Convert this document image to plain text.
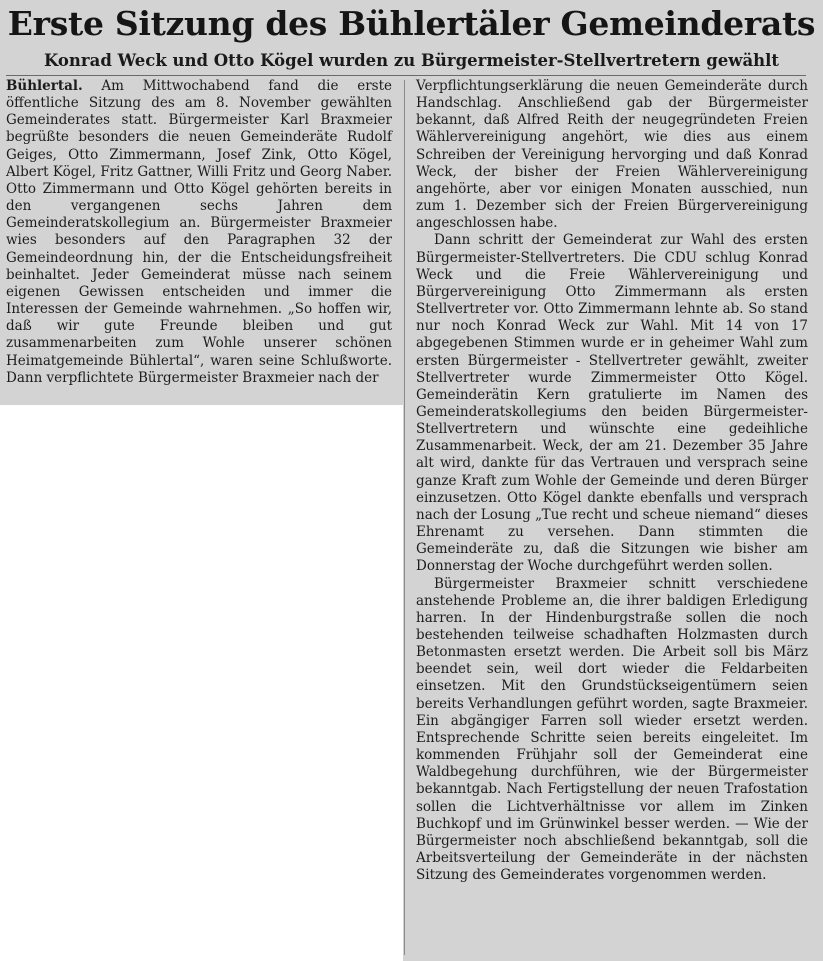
Erste Sitzung des Bühlertäler Gemeinderats
Konrad Weck und Otto Kögel wurden zu Bürgermeister-Stellvertretern gewählt

Bühlertal. Am Mittwochabend fand die erste öffentliche Sitzung des am 8. November gewählten Gemeinderates statt. Bürgermeister Karl Braxmeier begrüßte besonders die neuen Gemeinderäte Rudolf Geiges, Otto Zimmermann, Josef Zink, Otto Kögel, Albert Kögel, Fritz Gattner, Willi Fritz und Georg Naber. Otto Zimmermann und Otto Kögel gehörten bereits in den vergangenen sechs Jahren dem Gemeinderatskollegium an. Bürgermeister Braxmeier wies besonders auf den Paragraphen 32 der Gemeindeordnung hin, der die Entscheidungsfreiheit beinhaltet. Jeder Gemeinderat müsse nach seinem eigenen Gewissen entscheiden und immer die Interessen der Gemeinde wahrnehmen. „So hoffen wir, daß wir gute Freunde bleiben und gut zusammenarbeiten zum Wohle unserer schönen Heimatgemeinde Bühlertal“, waren seine Schlußworte. Dann verpflichtete Bürgermeister Braxmeier nach der

Verpflichtungserklärung die neuen Gemeinderäte durch Handschlag. Anschließend gab der Bürgermeister bekannt, daß Alfred Reith der neugegründeten Freien Wählervereinigung angehört, wie dies aus einem Schreiben der Vereinigung hervorging und daß Konrad Weck, der bisher der Freien Wählervereinigung angehörte, aber vor einigen Monaten ausschied, nun zum 1. Dezember sich der Freien Bürgervereinigung angeschlossen habe.

Dann schritt der Gemeinderat zur Wahl des ersten Bürgermeister-Stellvertreters. Die CDU schlug Konrad Weck und die Freie Wählervereinigung und Bürgervereinigung Otto Zimmermann als ersten Stellvertreter vor. Otto Zimmermann lehnte ab. So stand nur noch Konrad Weck zur Wahl. Mit 14 von 17 abgegebenen Stimmen wurde er in geheimer Wahl zum ersten Bürgermeister - Stellvertreter gewählt, zweiter Stellvertreter wurde Zimmermeister Otto Kögel. Gemeinderätin Kern gratulierte im Namen des Gemeinderatskollegiums den beiden Bürgermeister-Stellvertretern und wünschte eine gedeihliche Zusammenarbeit. Weck, der am 21. Dezember 35 Jahre alt wird, dankte für das Vertrauen und versprach seine ganze Kraft zum Wohle der Gemeinde und deren Bürger einzusetzen. Otto Kögel dankte ebenfalls und versprach nach der Losung „Tue recht und scheue niemand“ dieses Ehrenamt zu versehen. Dann stimmten die Gemeinderäte zu, daß die Sitzungen wie bisher am Donnerstag der Woche durchgeführt werden sollen.

Bürgermeister Braxmeier schnitt verschiedene anstehende Probleme an, die ihrer baldigen Erledigung harren. In der Hindenburgstraße sollen die noch bestehenden teilweise schadhaften Holzmasten durch Betonmasten ersetzt werden. Die Arbeit soll bis März beendet sein, weil dort wieder die Feldarbeiten einsetzen. Mit den Grundstückseigentümern seien bereits Verhandlungen geführt worden, sagte Braxmeier. Ein abgängiger Farren soll wieder ersetzt werden. Entsprechende Schritte seien bereits eingeleitet. Im kommenden Frühjahr soll der Gemeinderat eine Waldbegehung durchführen, wie der Bürgermeister bekanntgab. Nach Fertigstellung der neuen Trafostation sollen die Lichtverhältnisse vor allem im Zinken Buchkopf und im Grünwinkel besser werden. — Wie der Bürgermeister noch abschließend bekanntgab, soll die Arbeitsverteilung der Gemeinderäte in der nächsten Sitzung des Gemeinderates vorgenommen werden.
